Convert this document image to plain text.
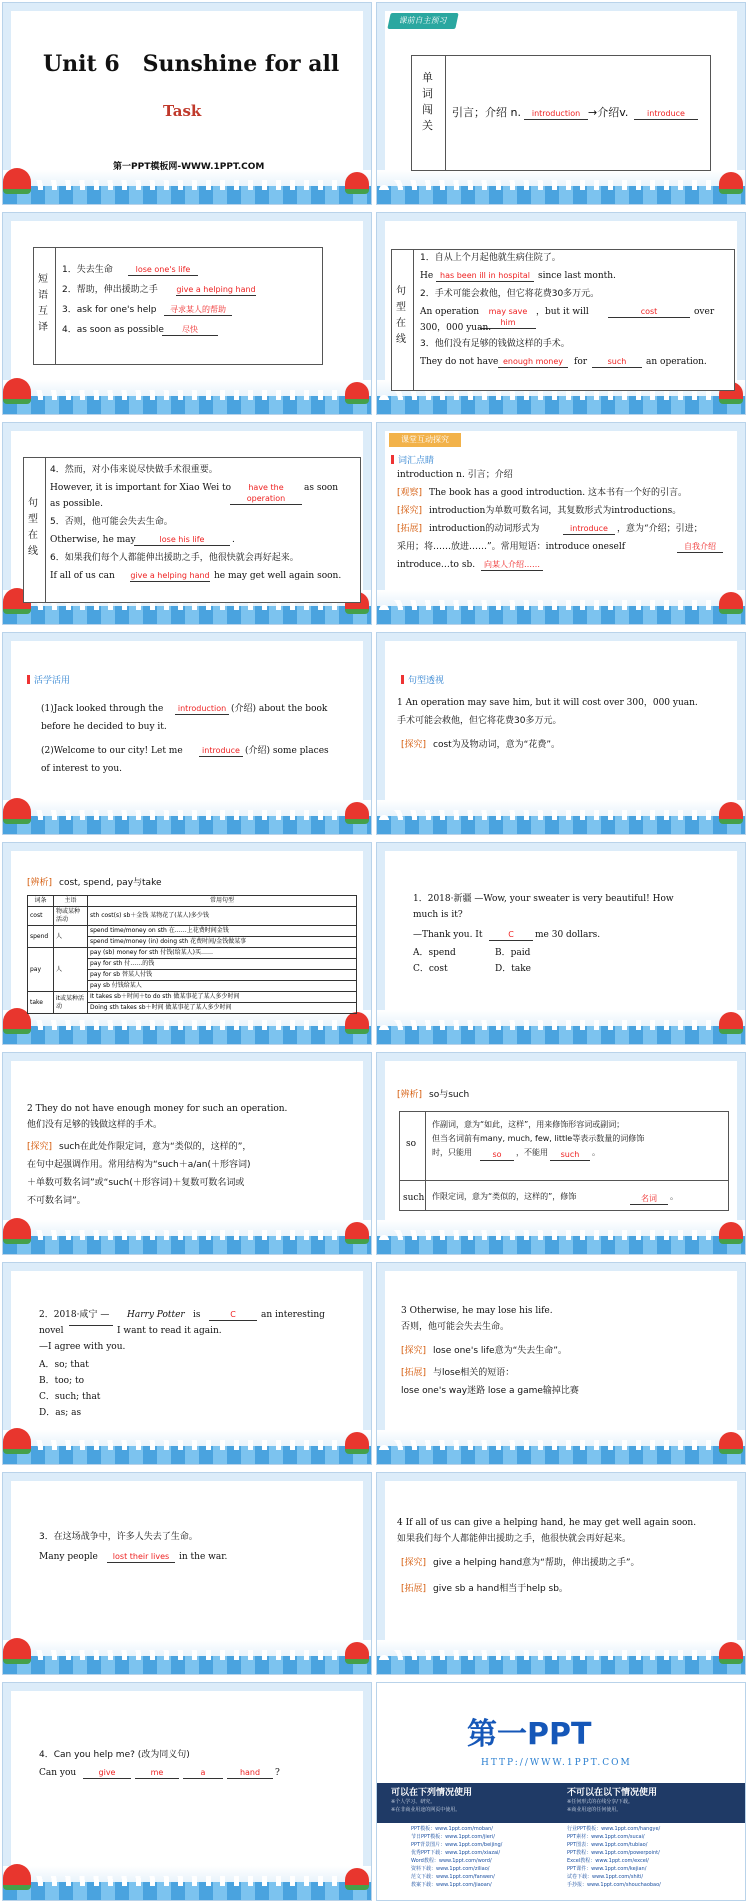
Unit 6   Sunshine for all
Task
第一PPT模板网-WWW.1PPT.COM
课前自主预习
单词闯关
引言；介绍 n.	introduction →介绍v.	introduce
短语互译
1．失去生命	lose one's life
2．帮助，伸出援助之手 give a helping hand
3．ask for one's help	寻求某人的帮助
4．as soon as possible	尽快
句型在线
1．自从上个月起他就生病住院了。
He has been ill in hospital since last month.
2．手术可能会救他，但它将花费30多万元。
An operation	may save him
，but it will	cost	over
300，000 yuan.
3．他们没有足够的钱做这样的手术。
They do not have enough money	for	such	an operation.
句型在线
4．然而，对小伟来说尽快做手术很重要。
However, it is important for Xiao Wei to	have the operation
as soon
as possible.
5．否则，他可能会失去生命。
Otherwise, he may	lose his life	.
6．如果我们每个人都能伸出援助之手，他很快就会再好起来。
If all of us can give a helping hand he may get well again soon.
课堂互动探究
词汇点睛
introduction n. 引言；介绍
[观察] The book has a good introduction. 这本书有一个好的引言。
[探究] introduction为单数可数名词，其复数形式为introductions。
[拓展] introduction的动词形式为	introduce	，意为“介绍；引进；
采用；将……放进……”。常用短语：introduce oneself	自我介绍
introduce…to sb.	向某人介绍……
活学活用
(1)Jack looked through the	introduction (介绍) about the book
before he decided to buy it.
(2)Welcome to our city! Let me	introduce (介绍) some places
of interest to you.
句型透视
1 An operation may save him, but it will cost over 300，000 yuan.
手术可能会救他，但它将花费30多万元。
[探究] cost为及物动词，意为“花费”。
[辨析] cost, spend, pay与take
词条	主语	常用句型
cost	物或某种活动	sth cost(s) sb＋金钱 某物花了(某人)多少钱
spend	人	spend time/money on sth 在……上花费时间金钱
		spend time/money (in) doing sth 花费时间/金钱做某事
pay	人	pay (sb) money for sth 付钱(给某人)买……
		pay for sth 付……的钱
		pay for sb 替某人付钱
		pay sb 付钱给某人
take	it或某种活动	It takes sb＋时间＋to do sth 做某事花了某人多少时间
		Doing sth takes sb＋时间 做某事花了某人多少时间
1．2018·新疆 —Wow, your sweater is very beautiful! How
much is it?
—Thank you. It	C	me 30 dollars.
A．spend	B．paid
C．cost	D．take
2 They do not have enough money for such an operation.
他们没有足够的钱做这样的手术。
[探究] such在此处作限定词，意为“类似的，这样的”，
在句中起强调作用。常用结构为“such＋a/an(＋形容词)
＋单数可数名词”或“such(＋形容词)＋复数可数名词或
不可数名词”。
[辨析] so与such
so
作副词，意为“如此，这样”，用来修饰形容词或副词；
但当名词前有many, much, few, little等表示数量的词修饰
时，只能用	so	，不能用	such	。
such 作限定词，意为“类似的，这样的”，修饰	名词	。
2．2018·咸宁 — Harry Potter is	C	an interesting
novel	I want to read it again.
—I agree with you.
A．so; that
B．too; to
C．such; that
D．as; as
3 Otherwise, he may lose his life.
否则，他可能会失去生命。
[探究] lose one's life意为“失去生命”。
[拓展] 与lose相关的短语：
lose one's way迷路 lose a game输掉比赛
3．在这场战争中，许多人失去了生命。
Many people	lost their lives	in the war.
4 If all of us can give a helping hand, he may get well again soon.
如果我们每个人都能伸出援助之手，他很快就会再好起来。
[探究] give a helping hand意为“帮助，伸出援助之手”。
[拓展] give sb a hand相当于help sb。
4．Can you help me? (改为同义句)
Can you	give	me	a	hand	?
第一PPT
HTTP://WWW.1PPT.COM
可以在下列情况使用
※个人学习、研究。
※在非商业用途的网页中使用。
不可以在以下情况使用
※任何形式的在线分享/下载。
※商业用途的任何使用。
PPT模板：www.1ppt.com/moban/	行业PPT模板：www.1ppt.com/hangye/
节日PPT模板：www.1ppt.com/jieri/	PPT素材：www.1ppt.com/sucai/
PPT背景图片：www.1ppt.com/beijing/	PPT图表：www.1ppt.com/tubiao/
优秀PPT下载：www.1ppt.com/xiazai/	PPT教程：www.1ppt.com/powerpoint/
Word教程：www.1ppt.com/word/	Excel教程：www.1ppt.com/excel/
资料下载：www.1ppt.com/ziliao/	PPT课件：www.1ppt.com/kejian/
范文下载：www.1ppt.com/fanwen/	试卷下载：www.1ppt.com/shiti/
教案下载：www.1ppt.com/jiaoan/	手抄报：www.1ppt.com/shouchaobao/
